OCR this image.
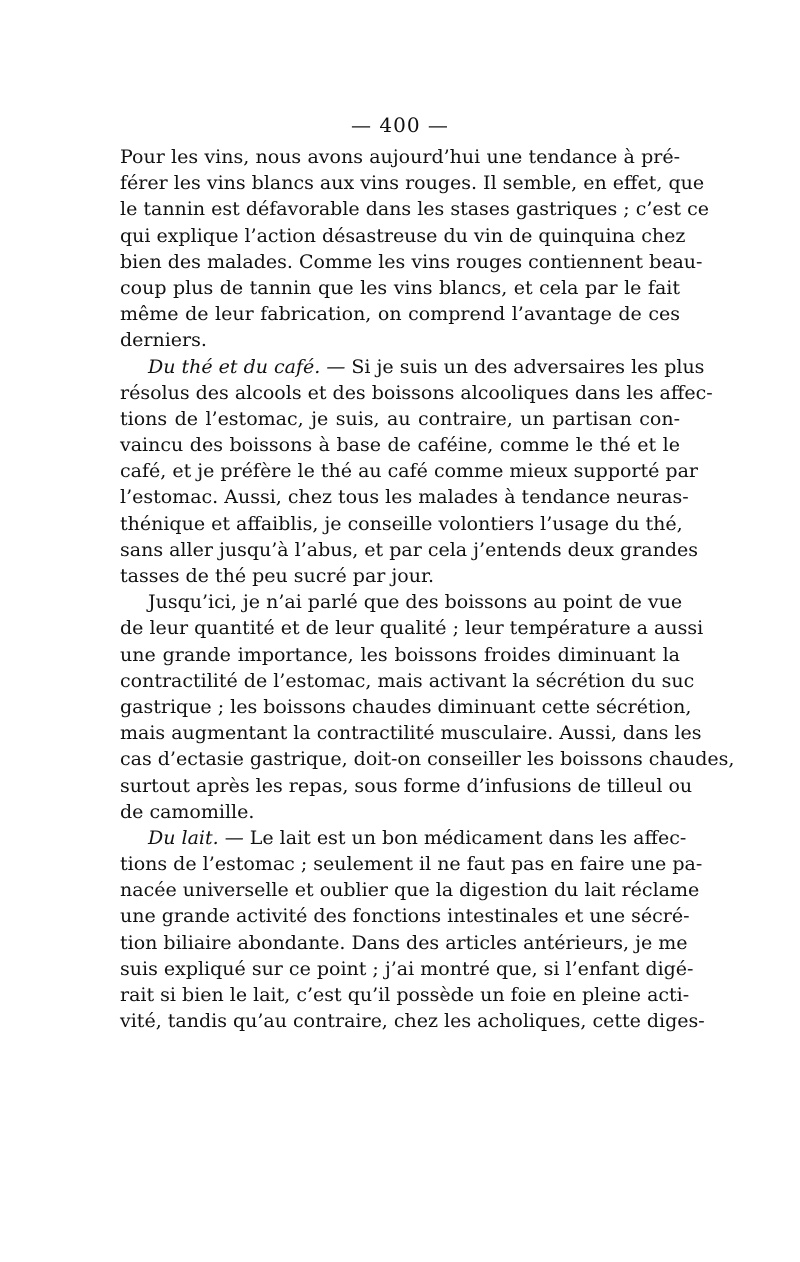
— 400 —
Pour les vins, nous avons aujourd’hui une tendance à pré-
férer les vins blancs aux vins rouges. Il semble, en effet, que
le tannin est défavorable dans les stases gastriques ; c’est ce
qui explique l’action désastreuse du vin de quinquina chez
bien des malades. Comme les vins rouges contiennent beau-
coup plus de tannin que les vins blancs, et cela par le fait
même de leur fabrication, on comprend l’avantage de ces
derniers.
Du thé et du café. — Si je suis un des adversaires les plus
résolus des alcools et des boissons alcooliques dans les affec-
tions de l’estomac, je suis, au contraire, un partisan con-
vaincu des boissons à base de caféine, comme le thé et le
café, et je préfère le thé au café comme mieux supporté par
l’estomac. Aussi, chez tous les malades à tendance neuras-
thénique et affaiblis, je conseille volontiers l’usage du thé,
sans aller jusqu’à l’abus, et par cela j’entends deux grandes
tasses de thé peu sucré par jour.
Jusqu’ici, je n’ai parlé que des boissons au point de vue
de leur quantité et de leur qualité ; leur température a aussi
une grande importance, les boissons froides diminuant la
contractilité de l’estomac, mais activant la sécrétion du suc
gastrique ; les boissons chaudes diminuant cette sécrétion,
mais augmentant la contractilité musculaire. Aussi, dans les
cas d’ectasie gastrique, doit-on conseiller les boissons chaudes,
surtout après les repas, sous forme d’infusions de tilleul ou
de camomille.
Du lait. — Le lait est un bon médicament dans les affec-
tions de l’estomac ; seulement il ne faut pas en faire une pa-
nacée universelle et oublier que la digestion du lait réclame
une grande activité des fonctions intestinales et une sécré-
tion biliaire abondante. Dans des articles antérieurs, je me
suis expliqué sur ce point ; j’ai montré que, si l’enfant digé-
rait si bien le lait, c’est qu’il possède un foie en pleine acti-
vité, tandis qu’au contraire, chez les acholiques, cette diges-
